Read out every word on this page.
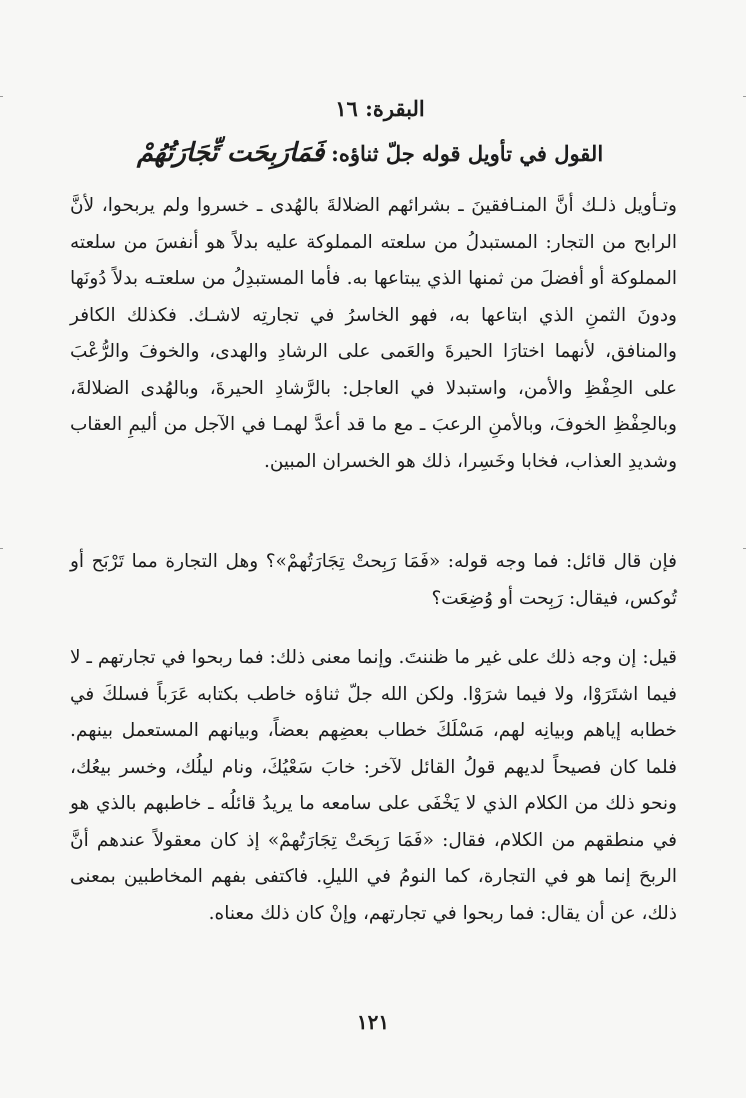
البقرة: ١٦
القول في تأويل قوله جلّ ثناؤه: فَمَارَبِحَت تِّجَارَتُهُمْ

وتـأويل ذلـك أنَّ المنـافقينَ ـ بشرائهم الضلالةَ بالهُدى ـ خسروا ولم يربحوا، لأنَّ الرابح من التجار: المستبدلُ من سلعته المملوكة عليه بدلاً هو أنفسَ من سلعته المملوكة أو أفضلَ من ثمنها الذي يبتاعها به. فأما المستبدِلُ من سلعتـه بدلاً دُونَها ودونَ الثمنِ الذي ابتاعها به، فهو الخاسرُ في تجارتِه لاشـك. فكذلك الكافر والمنافق، لأنهما اختارَا الحيرةَ والعَمى على الرشادِ والهدى، والخوفَ والرُّعْبَ على الحِفْظِ والأمن، واستبدلا في العاجل: بالرَّشادِ الحيرةَ، وبالهُدى الضلالةَ، وبالحِفْظِ الخوفَ، وبالأمنِ الرعبَ ـ مع ما قد أعدَّ لهمـا في الآجل من أليمِ العقاب وشديدِ العذاب، فخابا وخَسِرا، ذلك هو الخسران المبين.

فإن قال قائل: فما وجه قوله: «فَمَا رَبِحتْ تِجَارَتُهمْ»؟ وهل التجارة مما تَرْبَح أو تُوكس، فيقال: رَبِحت أو وُضِعَت؟

قيل: إن وجه ذلك على غير ما ظننتَ. وإنما معنى ذلك: فما ربحوا في تجارتهم ـ لا فيما اشتَرَوْا، ولا فيما شرَوْا. ولكن الله جلّ ثناؤه خاطب بكتابه عَرَباً فسلكَ في خطابه إياهم وبيانِه لهم، مَسْلَكَ خطاب بعضِهم بعضاً، وبيانهم المستعمل بينهم. فلما كان فصيحاً لديهم قولُ القائل لآخر: خابَ سَعْيُكَ، ونام ليلُك، وخسر بيعُك، ونحو ذلك من الكلام الذي لا يَخْفَى على سامعه ما يريدُ قائلُه ـ خاطبهم بالذي هو في منطقهم من الكلام، فقال: «فَمَا رَبِحَتْ تِجَارَتُهمْ» إذ كان معقولاً عندهم أنَّ الربحَ إنما هو في التجارة، كما النومُ في الليلِ. فاكتفى بفهم المخاطبين بمعنى ذلك، عن أن يقال: فما ربحوا في تجارتهم، وإنْ كان ذلك معناه.

١٢١
